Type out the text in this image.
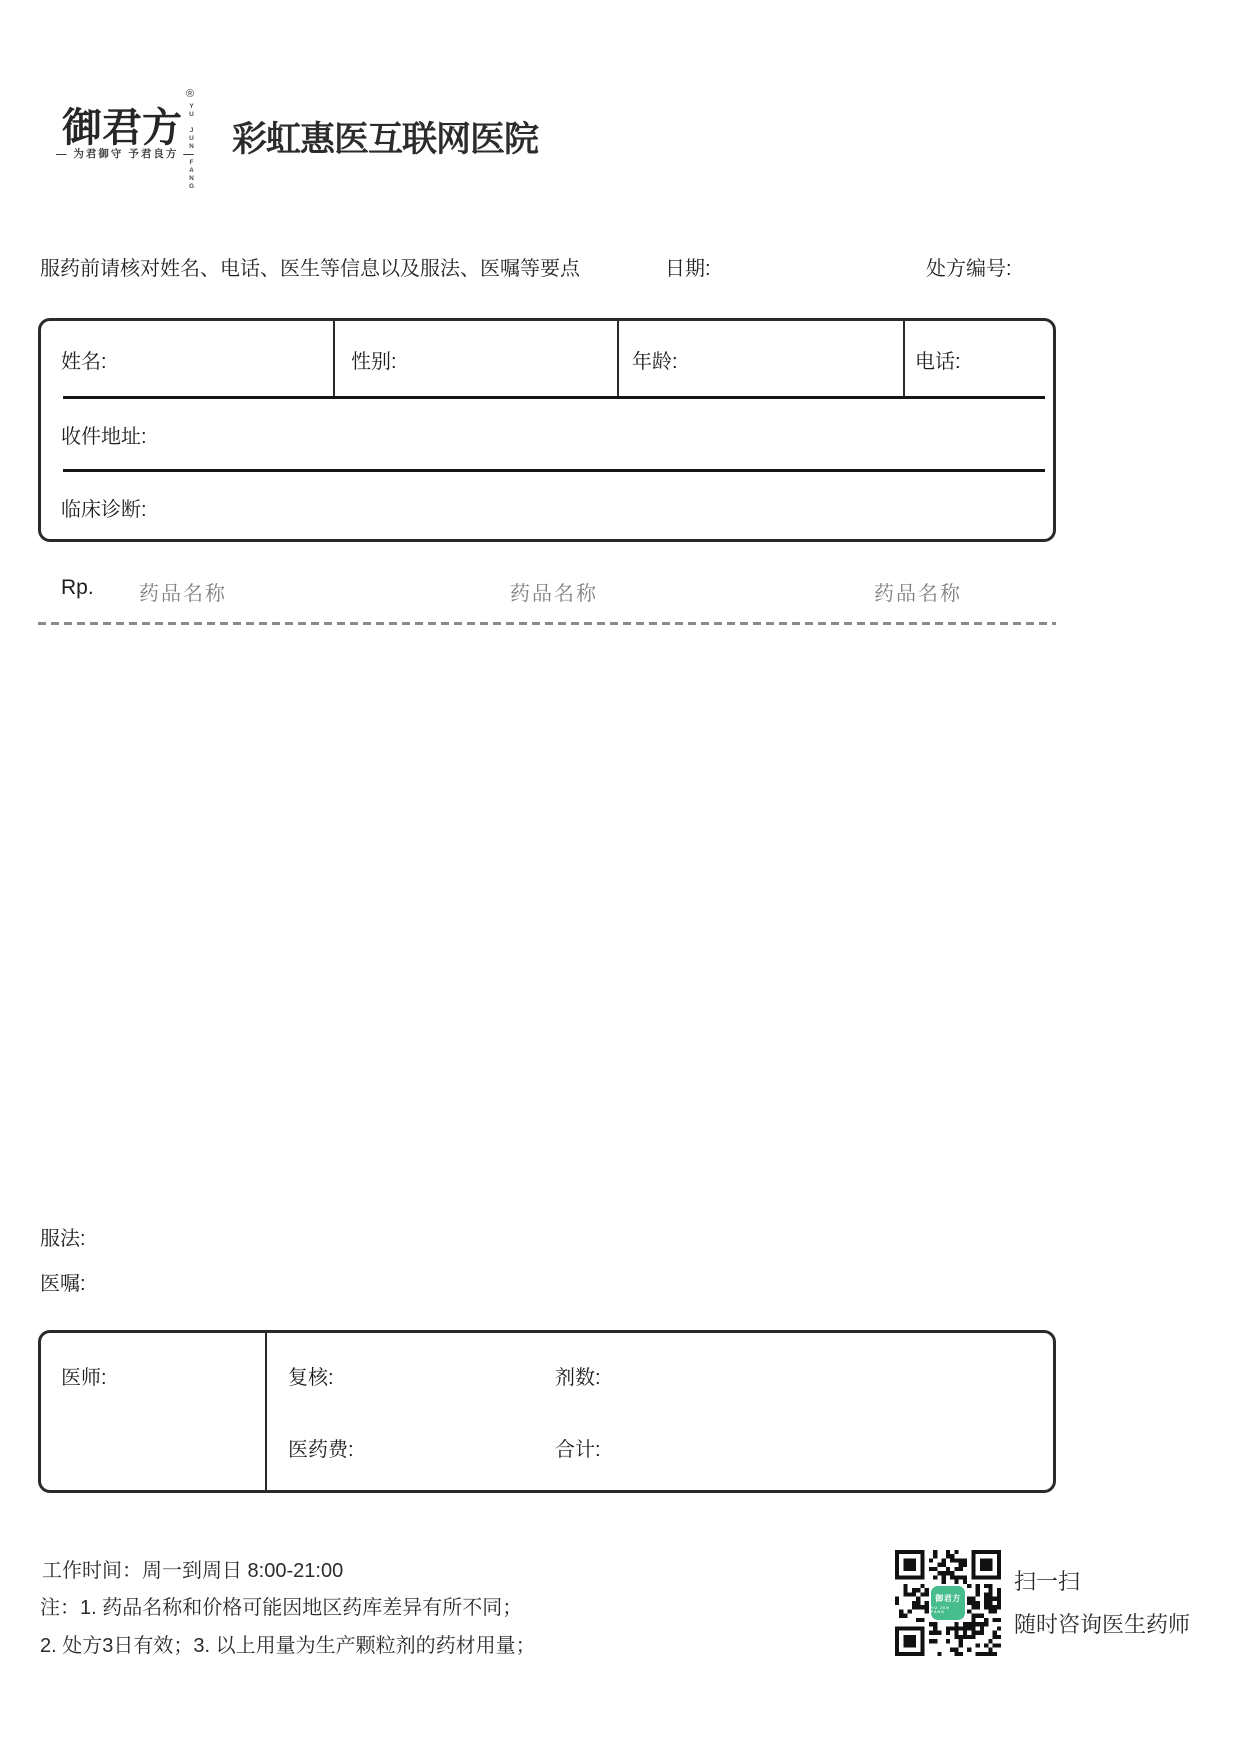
御君方
®
YU JUN FANG
— 为君御守 予君良方 — 彩虹惠医互联网医院
服药前请核对姓名、电话、医生等信息以及服法、医嘱等要点	日期:	处方编号:
姓名:	性别:	年龄:	电话:
收件地址:
临床诊断:
Rp. 药品名称	药品名称	药品名称
服法:
医嘱:
医师:	复核:	剂数:
医药费:	合计:
工作时间：周一到周日 8:00-21:00
注：1. 药品名称和价格可能因地区药库差异有所不同；
2. 处方3日有效；3. 以上用量为生产颗粒剂的药材用量；
御君方
YU JUN FANG
扫一扫
随时咨询医生药师
